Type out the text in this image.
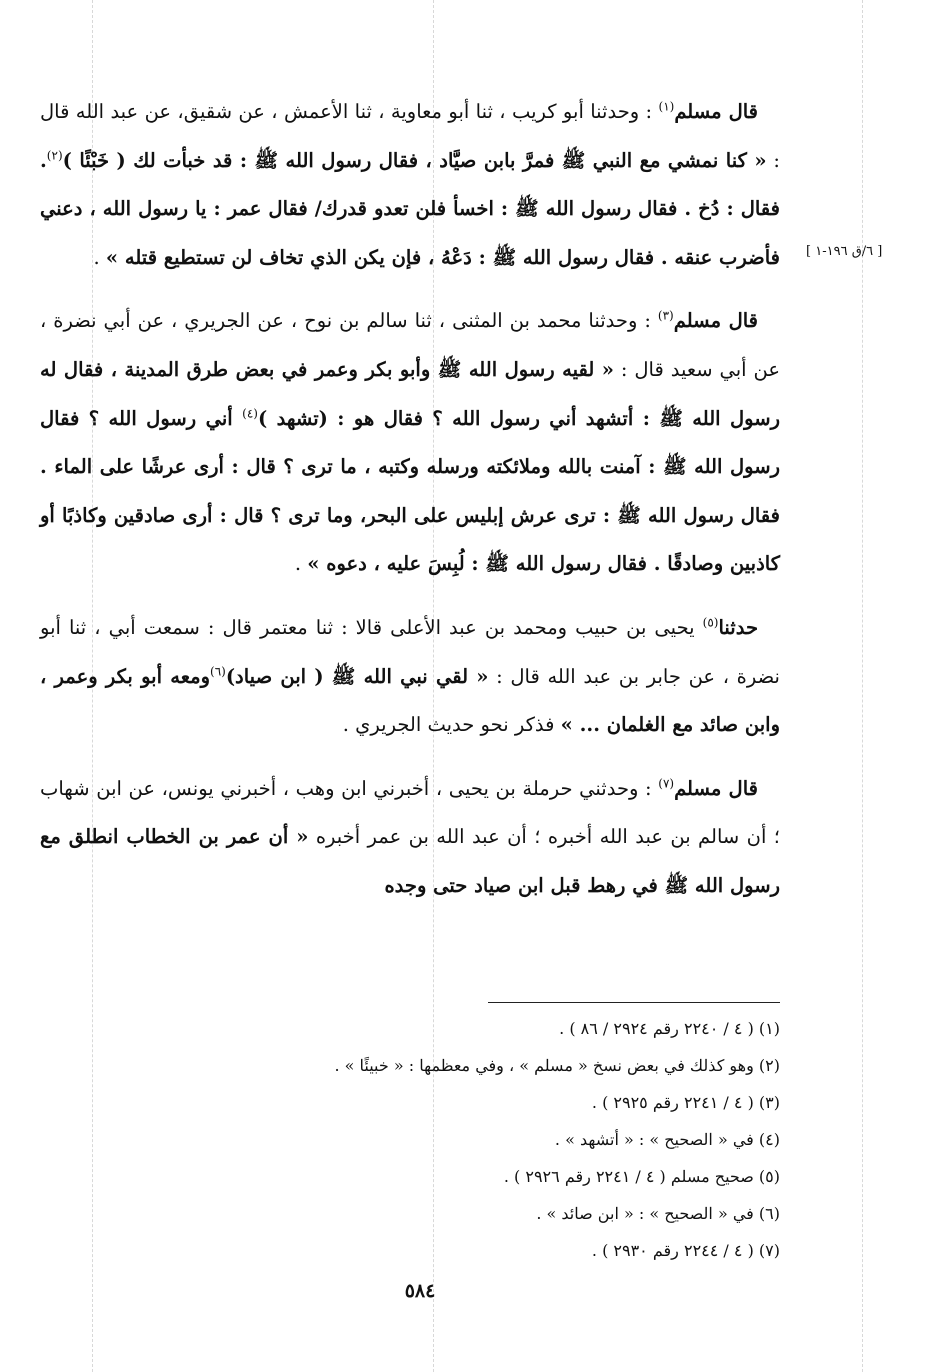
[ ٦/ق ١٩٦-١ ]

قال مسلم$^{(١)}$ : وحدثنا أبو كريب ، ثنا أبو معاوية ، ثنا الأعمش ، عن شقيق، عن عبد الله قال : « كنا نمشي مع النبي ﷺ فمرَّ بابن صيَّاد ، فقال رسول الله ﷺ : قد خبأت لك ( خَبْئًا )$^{(٢)}$. فقال : دُخ . فقال رسول الله ﷺ : اخسأ فلن تعدو قدرك/ فقال عمر : يا رسول الله ، دعني فأضرب عنقه . فقال رسول الله ﷺ : دَعْهُ ، فإن يكن الذي تخاف لن تستطيع قتله » .

قال مسلم$^{(٣)}$ : وحدثنا محمد بن المثنى ، ثنا سالم بن نوح ، عن الجريري ، عن أبي نضرة ، عن أبي سعيد قال : « لقيه رسول الله ﷺ وأبو بكر وعمر في بعض طرق المدينة ، فقال له رسول الله ﷺ : أتشهد أني رسول الله ؟ فقال هو : (تشهد )$^{(٤)}$ أني رسول الله ؟ فقال رسول الله ﷺ : آمنت بالله وملائكته ورسله وكتبه ، ما ترى ؟ قال : أرى عرشًا على الماء . فقال رسول الله ﷺ : ترى عرش إبليس على البحر، وما ترى ؟ قال : أرى صادقين وكاذبًا أو كاذبين وصادقًا . فقال رسول الله ﷺ : لُبِسَ عليه ، دعوه » .

حدثنا$^{(٥)}$ يحيى بن حبيب ومحمد بن عبد الأعلى قالا : ثنا معتمر قال : سمعت أبي ، ثنا أبو نضرة ، عن جابر بن عبد الله قال : « لقي نبي الله ﷺ ( ابن صياد)$^{(٦)}$ومعه أبو بكر وعمر ، وابن صائد مع الغلمان ... » فذكر نحو حديث الجريري .

قال مسلم$^{(٧)}$ : وحدثني حرملة بن يحيى ، أخبرني ابن وهب ، أخبرني يونس، عن ابن شهاب ؛ أن سالم بن عبد الله أخبره ؛ أن عبد الله بن عمر أخبره « أن عمر بن الخطاب انطلق مع رسول الله ﷺ في رهط قبل ابن صياد حتى وجده

(١) ( ٤ / ٢٢٤٠ رقم ٢٩٢٤ / ٨٦ ) .
(٢) وهو كذلك في بعض نسخ « مسلم » ، وفي معظمها : « خبيئًا » .
(٣) ( ٤ / ٢٢٤١ رقم ٢٩٢٥ ) .
(٤) في « الصحيح » : « أتشهد » .
(٥) صحيح مسلم ( ٤ / ٢٢٤١ رقم ٢٩٢٦ ) .
(٦) في « الصحيح » : « ابن صائد » .
(٧) ( ٤ / ٢٢٤٤ رقم ٢٩٣٠ ) .
٥٨٤
